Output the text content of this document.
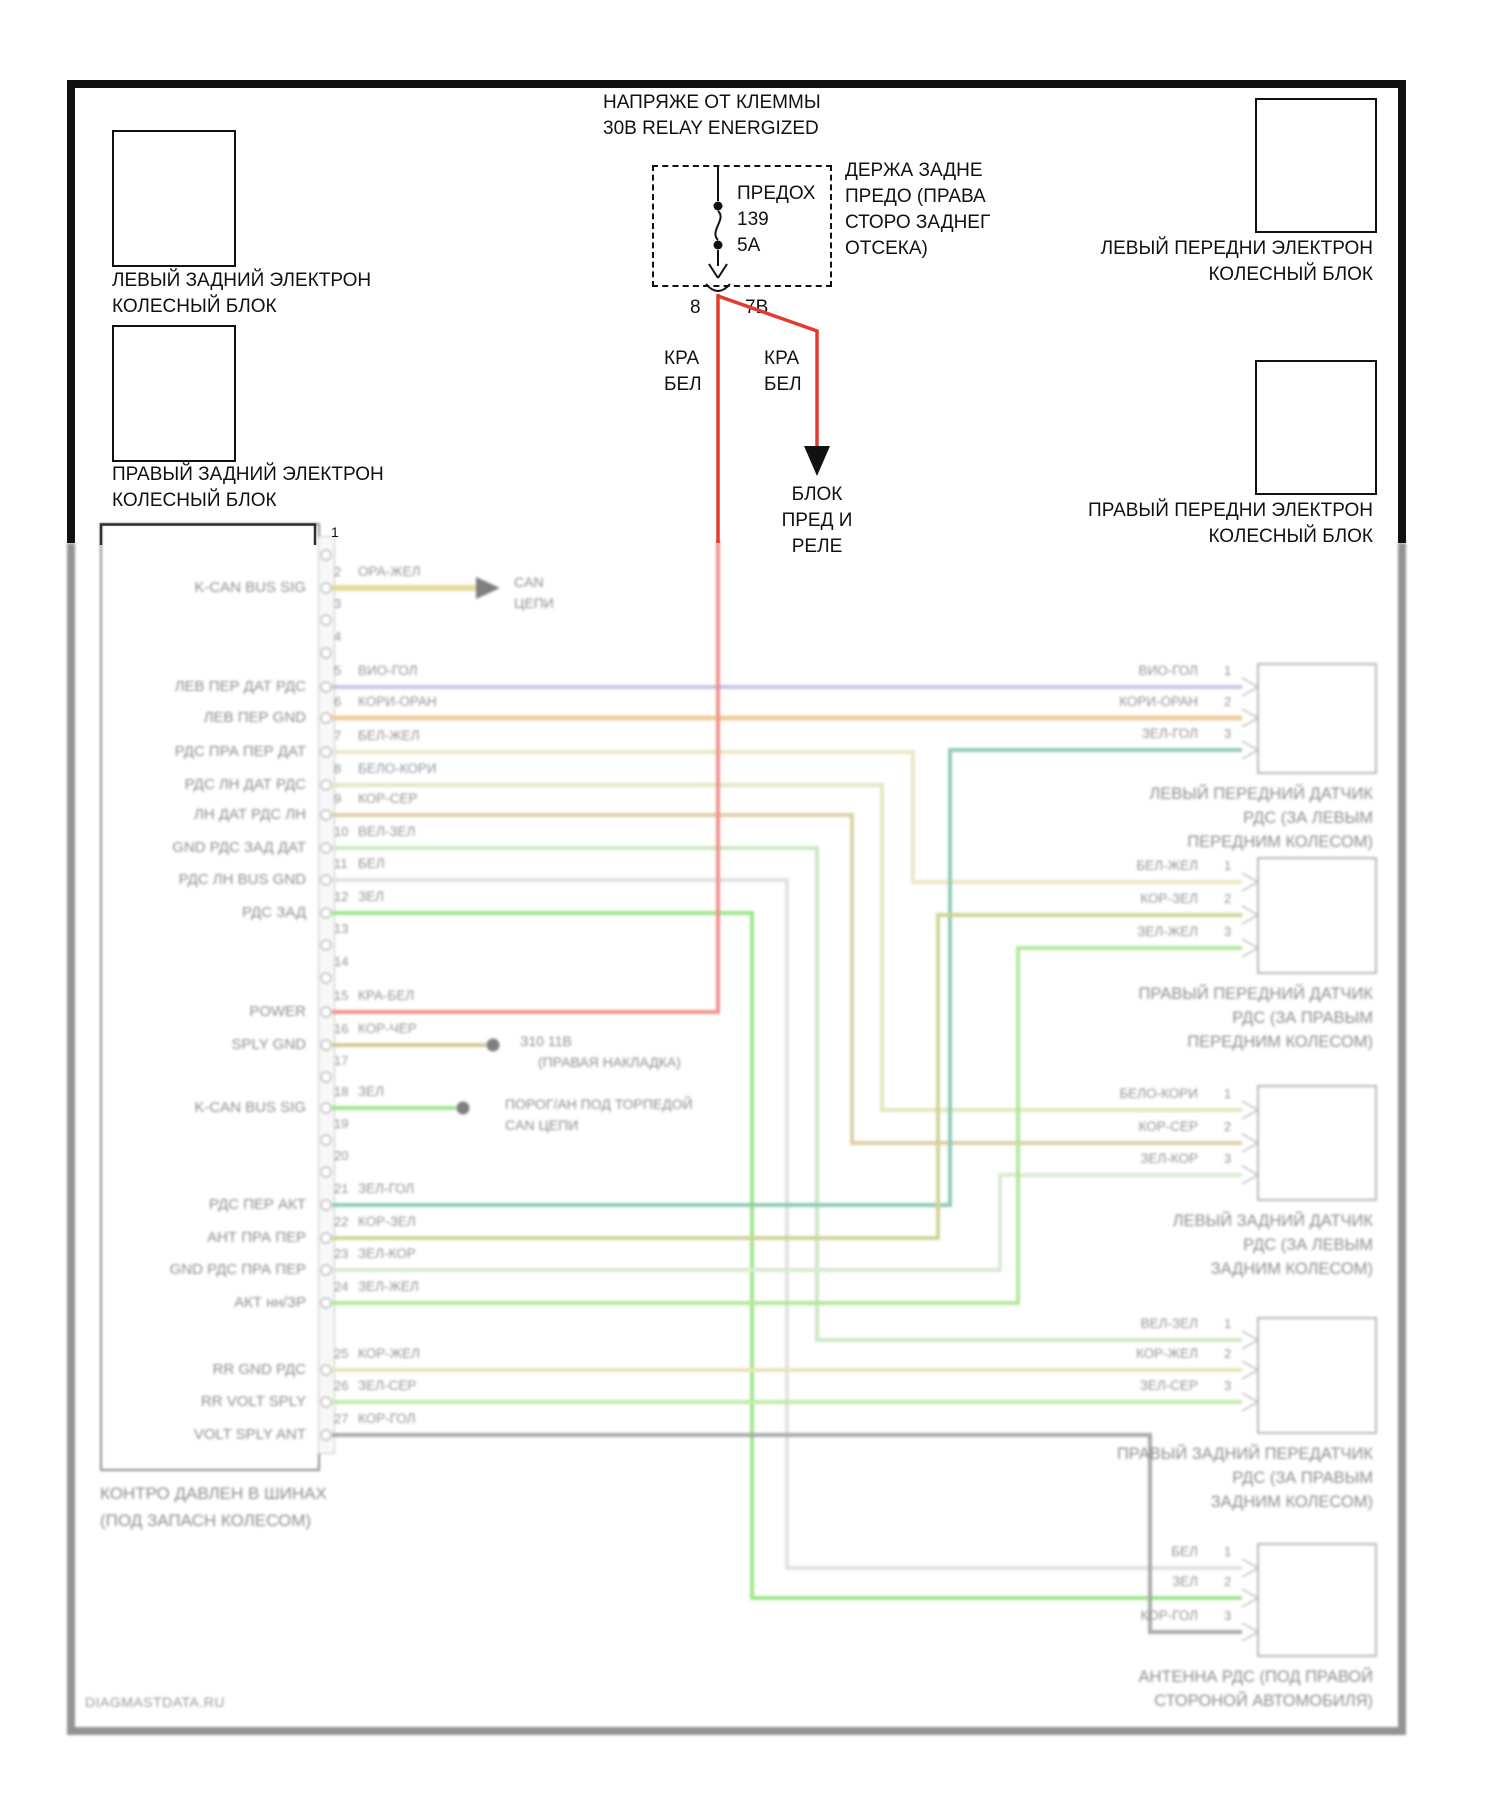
ЛЕВЫЙ ПЕРЕДНИЙ ДАТЧИК
РДС (ЗА ЛЕВЫМ
ПЕРЕДНИМ КОЛЕСОМ)
ПРАВЫЙ ПЕРЕДНИЙ ДАТЧИК
РДС (ЗА ПРАВЫМ
ПЕРЕДНИМ КОЛЕСОМ)
ЛЕВЫЙ ЗАДНИЙ ДАТЧИК
РДС (ЗА ЛЕВЫМ
ЗАДНИМ КОЛЕСОМ)
ПРАВЫЙ ЗАДНИЙ ПЕРЕДАТЧИК
РДС (ЗА ПРАВЫМ
ЗАДНИМ КОЛЕСОМ)
АНТЕННА РДС (ПОД ПРАВОЙ
СТОРОНОЙ АВТОМОБИЛЯ)
ВИО-ГОЛ 1
КОРИ-ОРАН 2
ЗЕЛ-ГОЛ 3
БЕЛ-ЖЕЛ 1
КОР-ЗЕЛ 2
ЗЕЛ-ЖЕЛ 3
БЕЛО-КОРИ 1
КОР-СЕР 2
ЗЕЛ-КОР 3
ВЕЛ-ЗЕЛ 1
КОР-ЖЕЛ 2
ЗЕЛ-СЕР 3
БЕЛ 1
ЗЕЛ 2
КОР-ГОЛ 3
2 ОРА-ЖЕЛ
K-CAN BUS SIG
3
4
5 ВИО-ГОЛ
ЛЕВ ПЕР ДАТ РДС
6 КОРИ-ОРАН
ЛЕВ ПЕР GND
7 БЕЛ-ЖЕЛ
РДС ПРА ПЕР ДАТ
8 БЕЛО-КОРИ
РДС ЛН ДАТ РДС
9 КОР-СЕР
ЛН ДАТ РДС ЛН
10 ВЕЛ-ЗЕЛ
GND РДС ЗАД ДАТ
11 БЕЛ
РДС ЛН BUS GND
12 ЗЕЛ
РДС ЗАД
13
14
15 КРА-БЕЛ
POWER
16 КОР-ЧЕР
SPLY GND
17
18 ЗЕЛ
K-CAN BUS SIG
19
20
21 ЗЕЛ-ГОЛ
РДС ПЕР АКТ
22 КОР-ЗЕЛ
АНТ ПРА ПЕР
23 ЗЕЛ-КОР
GND РДС ПРА ПЕР
24 ЗЕЛ-ЖЕЛ
АКТ нн/ЗР
25 КОР-ЖЕЛ
RR GND РДС
26 ЗЕЛ-СЕР
RR VOLT SPLY
27 КОР-ГОЛ
VOLT SPLY ANT
CAN
ЦЕПИ
З10 11В
(ПРАВАЯ НАКЛАДКА)
ПОРОГ/АН ПОД ТОРПЕДОЙ
CAN ЦЕПИ
КОНТРО ДАВЛЕН В ШИНАХ
(ПОД ЗАПАСН КОЛЕСОМ)
DIAGMASTDATA.RU
ЛЕВЫЙ ЗАДНИЙ ЭЛЕКТРОН
КОЛЕСНЫЙ БЛОК
ПРАВЫЙ ЗАДНИЙ ЭЛЕКТРОН
КОЛЕСНЫЙ БЛОК
ЛЕВЫЙ ПЕРЕДНИ ЭЛЕКТРОН
КОЛЕСНЫЙ БЛОК
ПРАВЫЙ ПЕРЕДНИ ЭЛЕКТРОН
КОЛЕСНЫЙ БЛОК
НАПРЯЖЕ ОТ КЛЕММЫ
30В RELAY ENERGIZED
ПРЕДОХ
139
5А
ДЕРЖА ЗАДНЕ
ПРЕДО (ПРАВА
СТОРО ЗАДНЕГ
ОТСЕКА)
8 7В
КРА
БЕЛ
КРА
БЕЛ
БЛОК
ПРЕД И
РЕЛЕ
1
